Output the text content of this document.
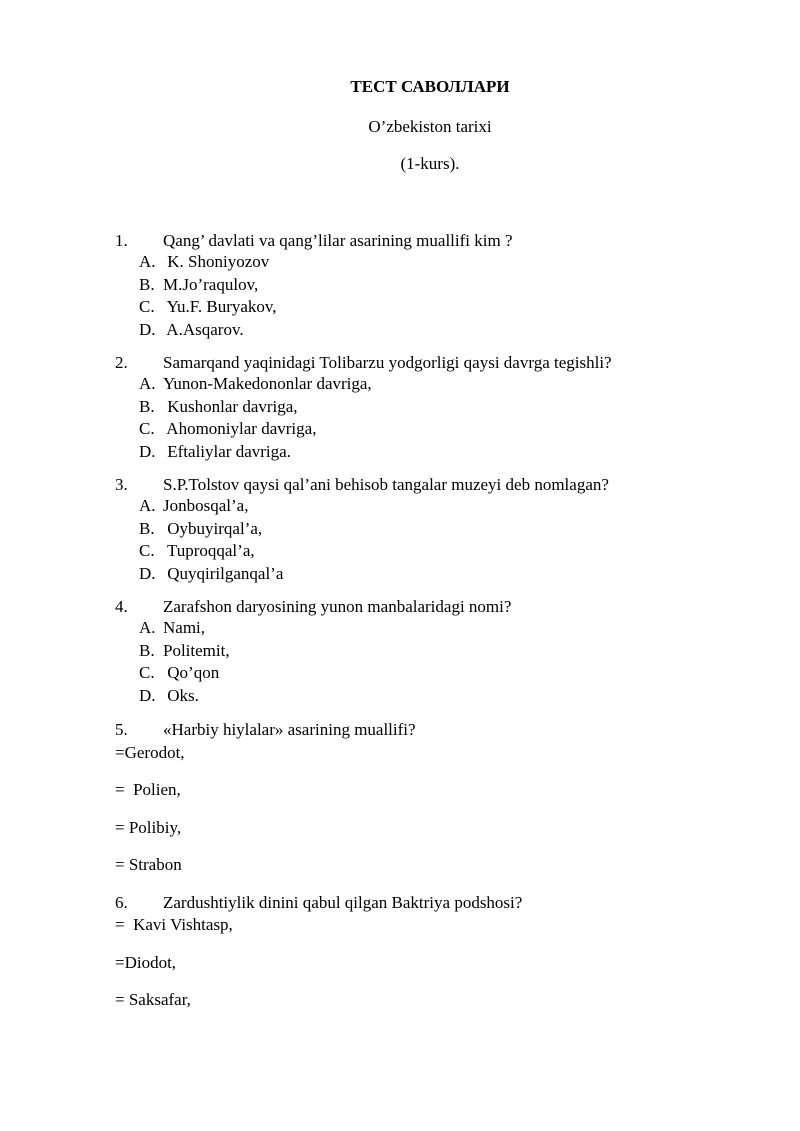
ТЕСТ САВОЛЛАРИ
O’zbekiston tarixi
(1-kurs).
1.	Qang’ davlati va qang’lilar asarining muallifi kim ?
A. K. Shoniyozov
B. M.Jo’raqulov,
C. Yu.F. Buryakov,
D. A.Asqarov.
2.	Samarqand yaqinidagi Tolibarzu yodgorligi qaysi davrga tegishli?
A. Yunon-Makedononlar davriga,
B. Kushonlar davriga,
C. Ahomoniylar davriga,
D. Eftaliylar davriga.
3.	S.P.Tolstov qaysi qal’ani behisob tangalar muzeyi deb nomlagan?
A. Jonbosqal’a,
B. Oybuyirqal’a,
C. Tuproqqal’a,
D. Quyqirilganqal’a
4.	Zarafshon daryosining yunon manbalaridagi nomi?
A. Nami,
B. Politemit,
C. Qo’qon
D. Oks.
5.	«Harbiy hiylalar» asarining muallifi?
=Gerodot,
=  Polien,
= Polibiy,
= Strabon
6.	Zardushtiylik dinini qabul qilgan Baktriya podshosi?
=  Kavi Vishtasp,
=Diodot,
= Saksafar,
